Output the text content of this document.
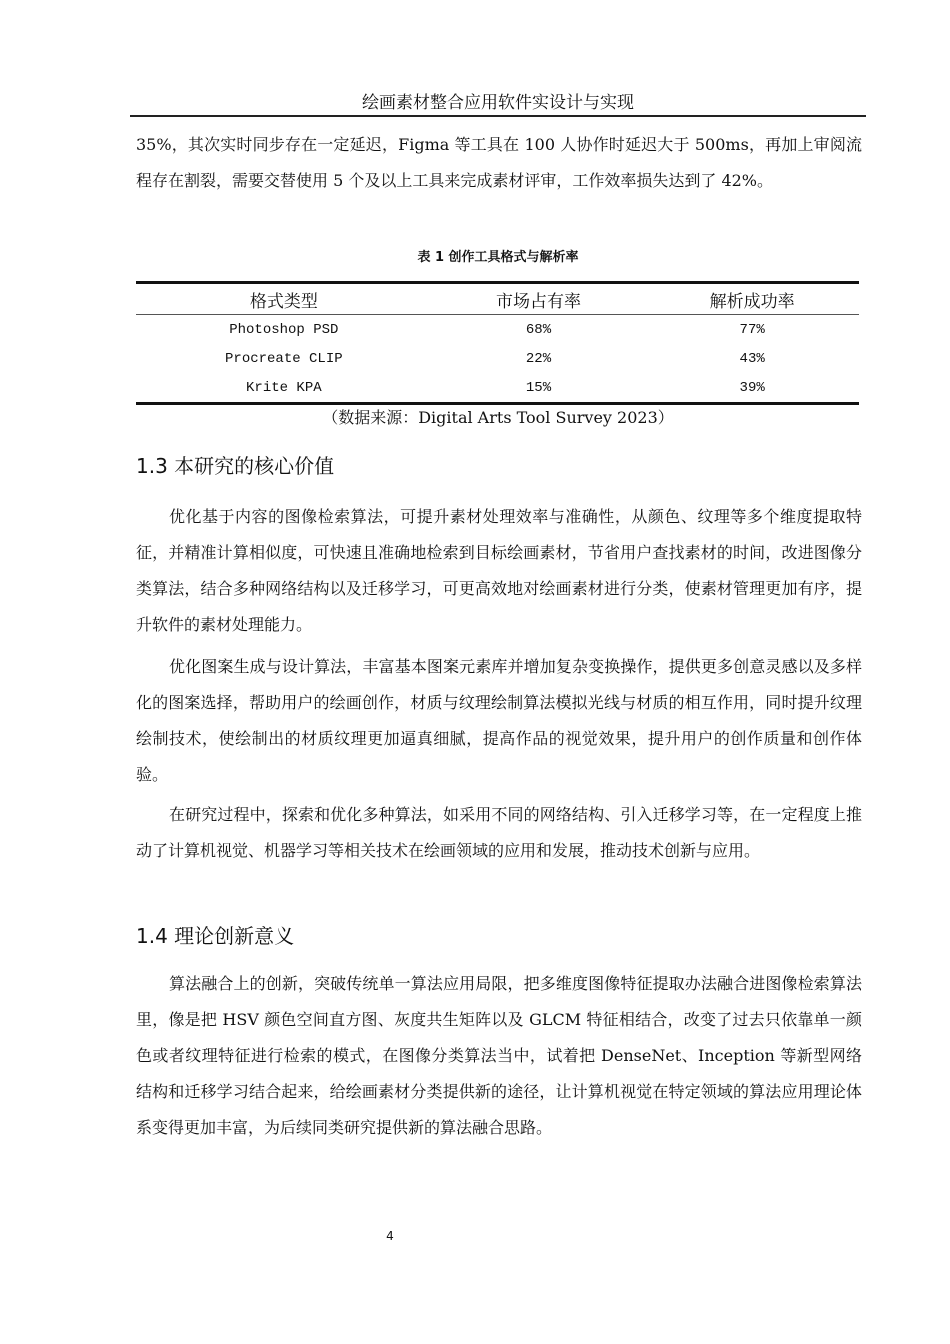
绘画素材整合应用软件实设计与实现

35%，其次实时同步存在一定延迟，Figma 等工具在 100 人协作时延迟大于 500ms，再加上审阅流程存在割裂，需要交替使用 5 个及以上工具来完成素材评审，工作效率损失达到了 42%。

表 1 创作工具格式与解析率
格式类型	市场占有率	解析成功率
Photoshop PSD	68%	77%
Procreate CLIP	22%	43%
Krite KPA	15%	39%
（数据来源：Digital Arts Tool Survey 2023）
1.3 本研究的核心价值

优化基于内容的图像检索算法，可提升素材处理效率与准确性，从颜色、纹理等多个维度提取特征，并精准计算相似度，可快速且准确地检索到目标绘画素材，节省用户查找素材的时间，改进图像分类算法，结合多种网络结构以及迁移学习，可更高效地对绘画素材进行分类，使素材管理更加有序，提升软件的素材处理能力。

优化图案生成与设计算法，丰富基本图案元素库并增加复杂变换操作，提供更多创意灵感以及多样化的图案选择，帮助用户的绘画创作，材质与纹理绘制算法模拟光线与材质的相互作用，同时提升纹理绘制技术，使绘制出的材质纹理更加逼真细腻，提高作品的视觉效果，提升用户的创作质量和创作体验。

在研究过程中，探索和优化多种算法，如采用不同的网络结构、引入迁移学习等，在一定程度上推动了计算机视觉、机器学习等相关技术在绘画领域的应用和发展，推动技术创新与应用。

1.4 理论创新意义

算法融合上的创新，突破传统单一算法应用局限，把多维度图像特征提取办法融合进图像检索算法里，像是把 HSV 颜色空间直方图、灰度共生矩阵以及 GLCM 特征相结合，改变了过去只依靠单一颜色或者纹理特征进行检索的模式，在图像分类算法当中，试着把 DenseNet、Inception 等新型网络结构和迁移学习结合起来，给绘画素材分类提供新的途径，让计算机视觉在特定领域的算法应用理论体系变得更加丰富，为后续同类研究提供新的算法融合思路。

4
